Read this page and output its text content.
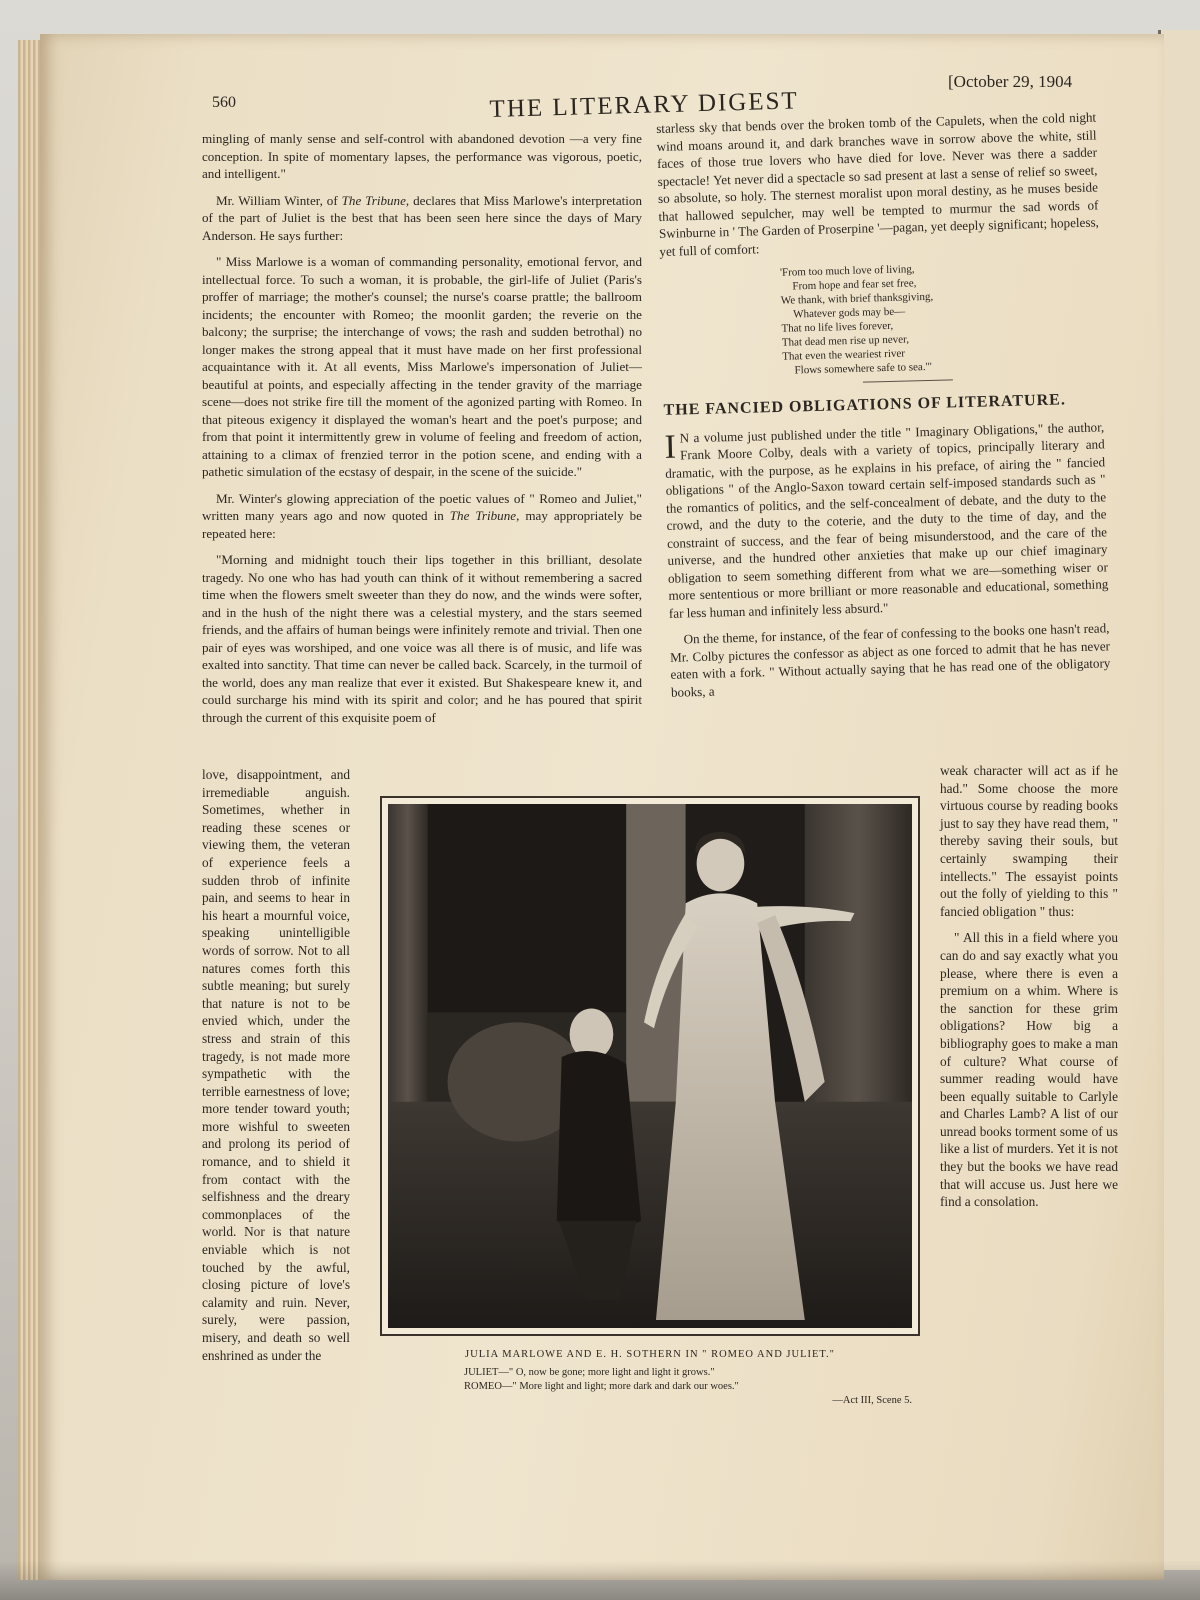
560	THE LITERARY DIGEST
[October 29, 1904

mingling of manly sense and self-control with abandoned devotion —a very fine conception. In spite of momentary lapses, the performance was vigorous, poetic, and intelligent."

Mr. William Winter, of The Tribune, declares that Miss Marlowe's interpretation of the part of Juliet is the best that has been seen here since the days of Mary Anderson. He says further:

" Miss Marlowe is a woman of commanding personality, emotional fervor, and intellectual force. To such a woman, it is probable, the girl-life of Juliet (Paris's proffer of marriage; the mother's counsel; the nurse's coarse prattle; the ballroom incidents; the encounter with Romeo; the moonlit garden; the reverie on the balcony; the surprise; the interchange of vows; the rash and sudden betrothal) no longer makes the strong appeal that it must have made on her first professional acquaintance with it. At all events, Miss Marlowe's impersonation of Juliet—beautiful at points, and especially affecting in the tender gravity of the marriage scene—does not strike fire till the moment of the agonized parting with Romeo. In that piteous exigency it displayed the woman's heart and the poet's purpose; and from that point it intermittently grew in volume of feeling and freedom of action, attaining to a climax of frenzied terror in the potion scene, and ending with a pathetic simulation of the ecstasy of despair, in the scene of the suicide."

Mr. Winter's glowing appreciation of the poetic values of " Romeo and Juliet," written many years ago and now quoted in The Tribune, may appropriately be repeated here:

"Morning and midnight touch their lips together in this brilliant, desolate tragedy. No one who has had youth can think of it without remembering a sacred time when the flowers smelt sweeter than they do now, and the winds were softer, and in the hush of the night there was a celestial mystery, and the stars seemed friends, and the affairs of human beings were infinitely remote and trivial. Then one pair of eyes was worshiped, and one voice was all there is of music, and life was exalted into sanctity. That time can never be called back. Scarcely, in the turmoil of the world, does any man realize that ever it existed. But Shakespeare knew it, and could surcharge his mind with its spirit and color; and he has poured that spirit through the current of this exquisite poem of

love, disappointment, and irremediable anguish. Sometimes, whether in reading these scenes or viewing them, the veteran of experience feels a sudden throb of infinite pain, and seems to hear in his heart a mournful voice, speaking unintelligible words of sorrow. Not to all natures comes forth this subtle meaning; but surely that nature is not to be envied which, under the stress and strain of this tragedy, is not made more sympathetic with the terrible earnestness of love; more tender toward youth; more wishful to sweeten and prolong its period of romance, and to shield it from contact with the selfishness and the dreary commonplaces of the world. Nor is that nature enviable which is not touched by the awful, closing picture of love's calamity and ruin. Never, surely, were passion, misery, and death so well enshrined as under the

starless sky that bends over the broken tomb of the Capulets, when the cold night wind moans around it, and dark branches wave in sorrow above the white, still faces of those true lovers who have died for love. Never was there a sadder spectacle! Yet never did a spectacle so sad present at last a sense of relief so sweet, so absolute, so holy. The sternest moralist upon moral destiny, as he muses beside that hallowed sepulcher, may well be tempted to murmur the sad words of Swinburne in ' The Garden of Proserpine '—pagan, yet deeply significant; hopeless, yet full of comfort:

'From too much love of living,
From hope and fear set free,
We thank, with brief thanksgiving,
Whatever gods may be—
That no life lives forever,
That dead men rise up never,
That even the weariest river
Flows somewhere safe to sea.'"
THE FANCIED OBLIGATIONS OF LITERATURE.

I N a volume just published under the title " Imaginary Obligations," the author, Frank Moore Colby, deals with a variety of topics, principally literary and dramatic, with the purpose, as he explains in his preface, of airing the " fancied obligations " of the Anglo-Saxon toward certain self-imposed standards such as " the romantics of politics, and the self-concealment of debate, and the duty to the crowd, and the duty to the coterie, and the duty to the time of day, and the constraint of success, and the fear of being misunderstood, and the care of the universe, and the hundred other anxieties that make up our chief imaginary obligation to seem something different from what we are—something wiser or more sententious or more brilliant or more reasonable and educational, something far less human and infinitely less absurd."

On the theme, for instance, of the fear of confessing to the books one hasn't read, Mr. Colby pictures the confessor as abject as one forced to admit that he has never eaten with a fork. " Without actually saying that he has read one of the obligatory books, a

weak character will act as if he had." Some choose the more virtuous course by reading books just to say they have read them, " thereby saving their souls, but certainly swamping their intellects." The essayist points out the folly of yielding to this " fancied obligation " thus:

" All this in a field where you can do and say exactly what you please, where there is even a premium on a whim. Where is the sanction for these grim obligations? How big a bibliography goes to make a man of culture? What course of summer reading would have been equally suitable to Carlyle and Charles Lamb? A list of our unread books torment some of us like a list of murders. Yet it is not they but the books we have read that will accuse us. Just here we find a consolation.

JULIA MARLOWE AND E. H. SOTHERN IN " ROMEO AND JULIET."
JULIET—" O, now be gone; more light and light it grows."
ROMEO—" More light and light; more dark and dark our woes."
—Act III, Scene 5.
